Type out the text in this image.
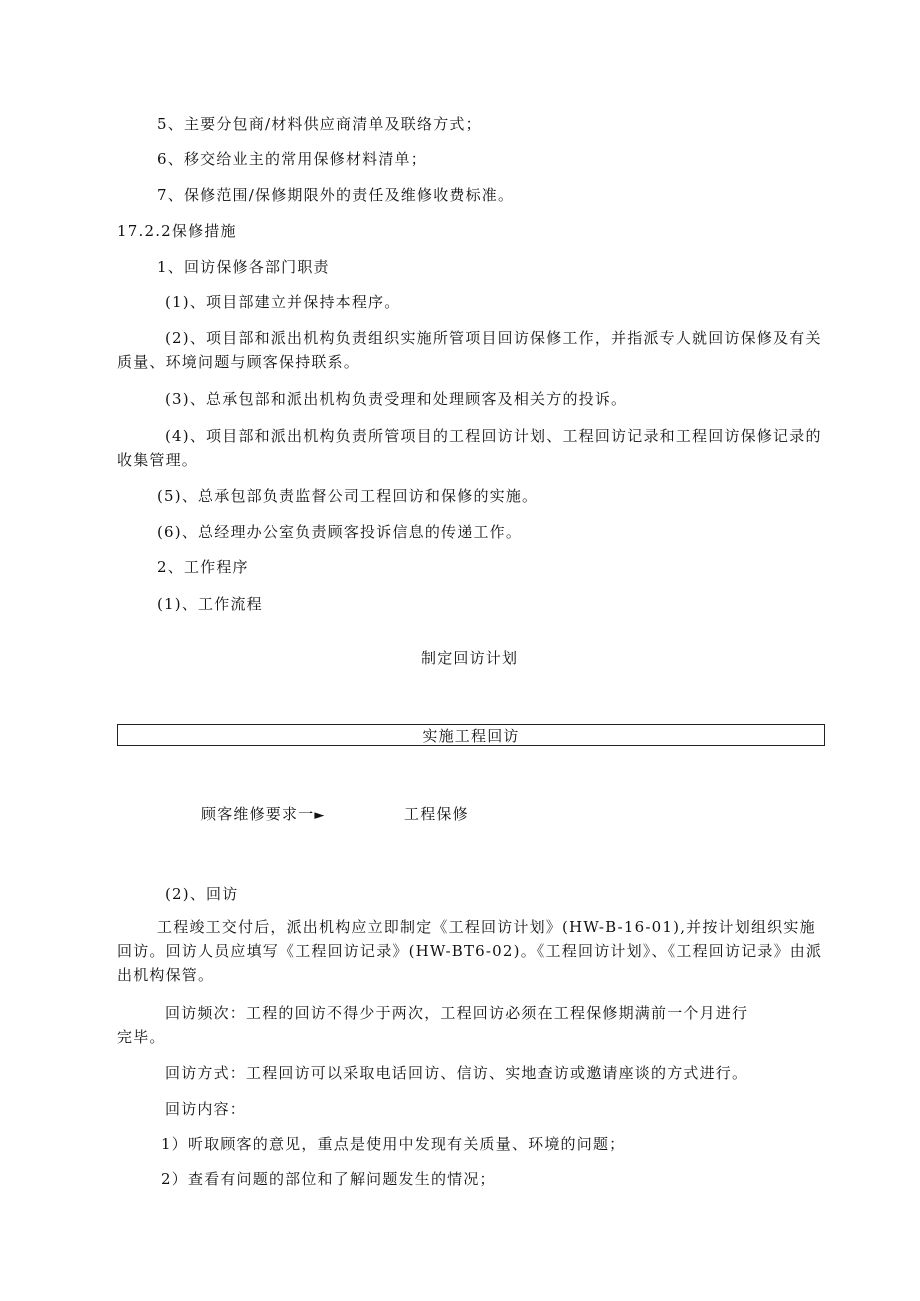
5、主要分包商/材料供应商清单及联络方式；
6、移交给业主的常用保修材料清单；
7、保修范围/保修期限外的责任及维修收费标准。
17.2.2保修措施
1、回访保修各部门职责
(1)、项目部建立并保持本程序。
(2)、项目部和派出机构负责组织实施所管项目回访保修工作，并指派专人就回访保修及有关质量、环境问题与顾客保持联系。
(3)、总承包部和派出机构负责受理和处理顾客及相关方的投诉。
(4)、项目部和派出机构负责所管项目的工程回访计划、工程回访记录和工程回访保修记录的收集管理。
(5)、总承包部负责监督公司工程回访和保修的实施。
(6)、总经理办公室负责顾客投诉信息的传递工作。
2、工作程序
(1)、工作流程
制定回访计划
实施工程回访
顾客维修要求一►	工程保修
(2)、回访
工程竣工交付后，派出机构应立即制定《工程回访计划》(HW-B-16-01),并按计划组织实施回访。回访人员应填写《工程回访记录》(HW-BT6-02)。《工程回访计划》、《工程回访记录》由派出机构保管。
回访频次：工程的回访不得少于两次，工程回访必须在工程保修期满前一个月进行完毕。
回访方式：工程回访可以采取电话回访、信访、实地查访或邀请座谈的方式进行。
回访内容：
1）听取顾客的意见，重点是使用中发现有关质量、环境的问题；
2）查看有问题的部位和了解问题发生的情况；
